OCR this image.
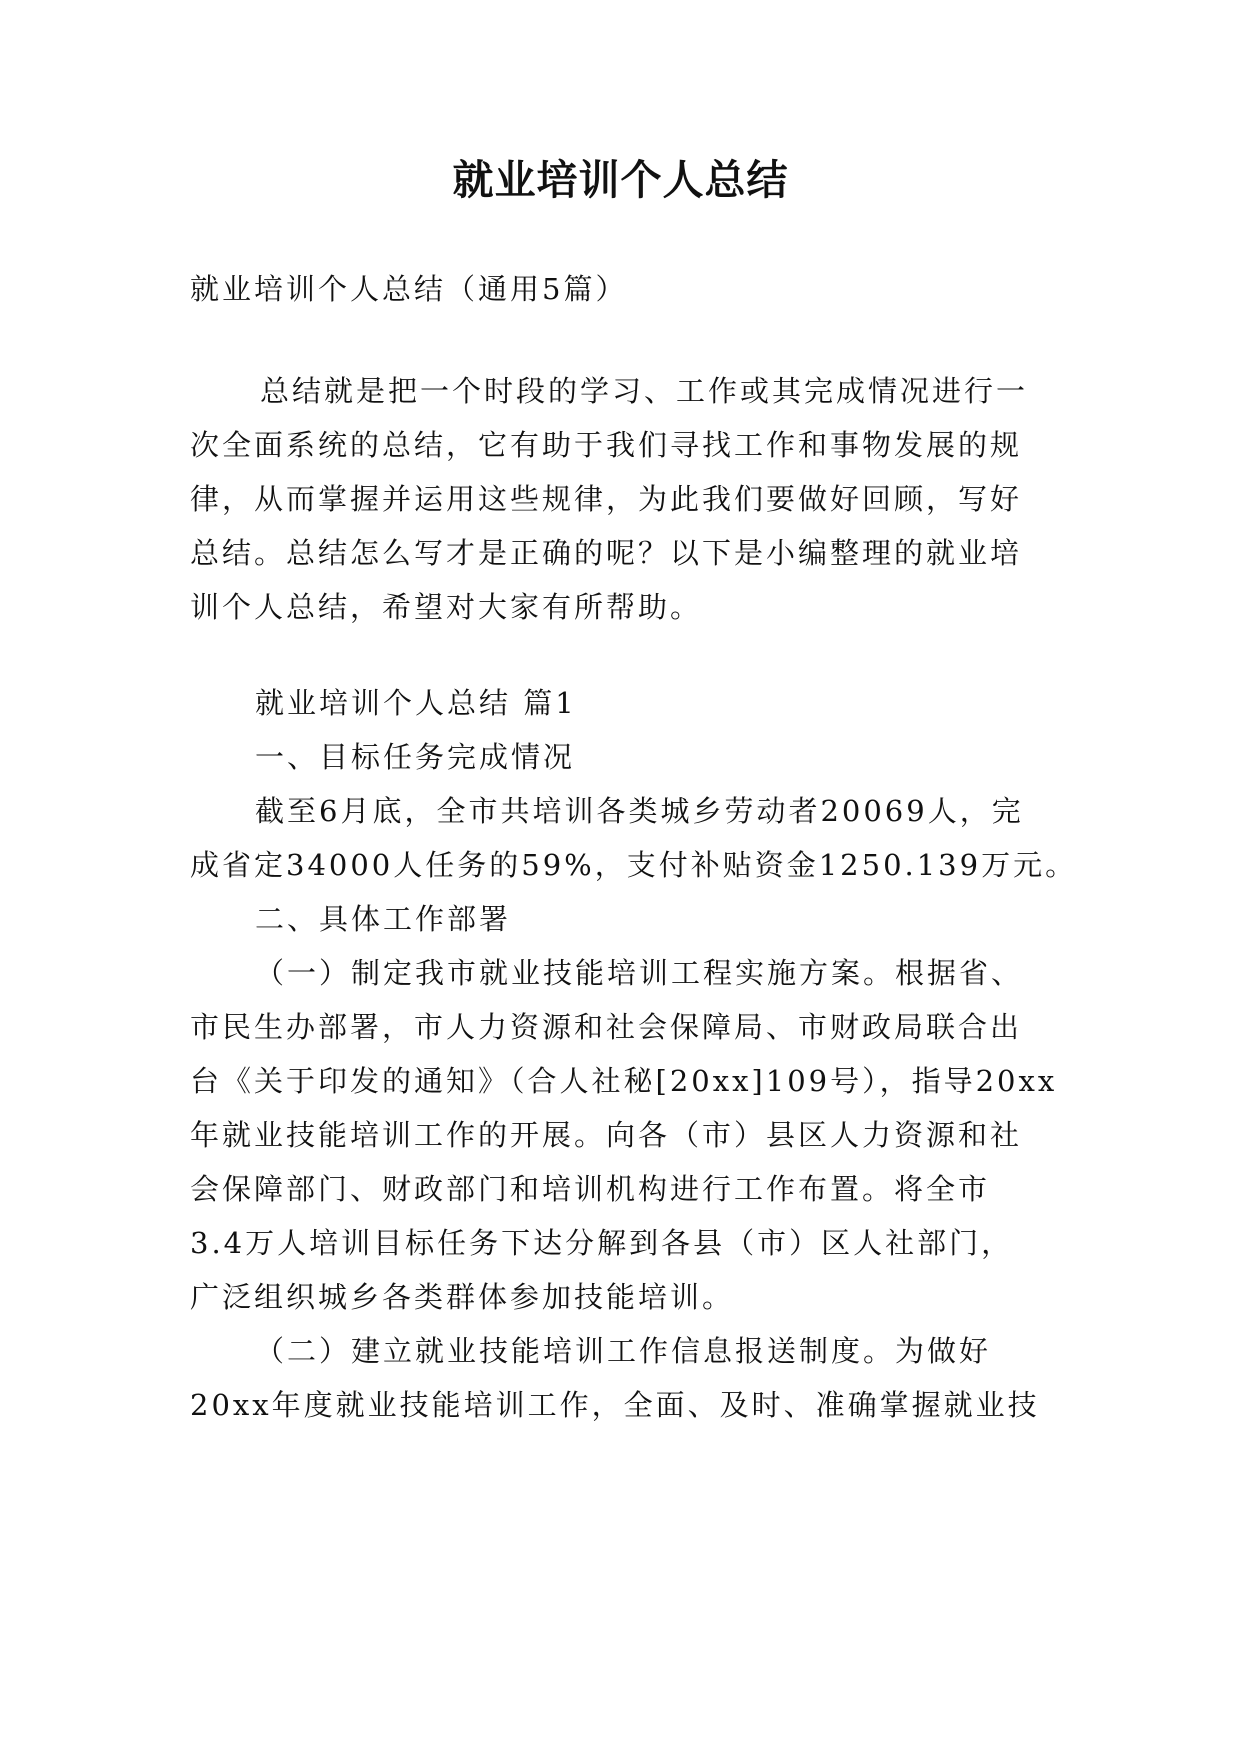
就业培训个人总结
就业培训个人总结（通用5篇）
总结就是把一个时段的学习、工作或其完成情况进行一
次全面系统的总结，它有助于我们寻找工作和事物发展的规
律，从而掌握并运用这些规律，为此我们要做好回顾，写好
总结。总结怎么写才是正确的呢？以下是小编整理的就业培
训个人总结，希望对大家有所帮助。
就业培训个人总结 篇1
一、目标任务完成情况
截至6月底，全市共培训各类城乡劳动者20069人，完
成省定34000人任务的59%，支付补贴资金1250.139万元。
二、具体工作部署
（一）制定我市就业技能培训工程实施方案。根据省、
市民生办部署，市人力资源和社会保障局、市财政局联合出
台《关于印发的通知》（合人社秘[20xx]109号），指导20xx
年就业技能培训工作的开展。向各（市）县区人力资源和社
会保障部门、财政部门和培训机构进行工作布置。将全市
3.4万人培训目标任务下达分解到各县（市）区人社部门，
广泛组织城乡各类群体参加技能培训。
（二）建立就业技能培训工作信息报送制度。为做好
20xx年度就业技能培训工作，全面、及时、准确掌握就业技
